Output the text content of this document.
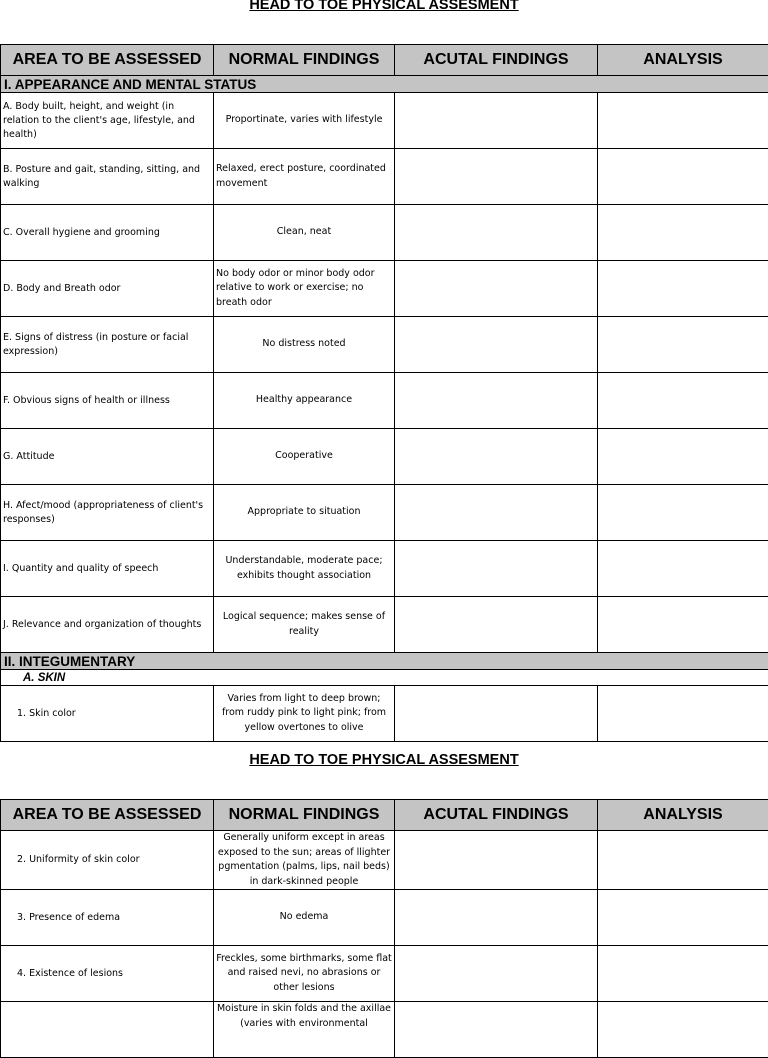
HEAD TO TOE PHYSICAL ASSESMENT
AREA TO BE ASSESSED	NORMAL FINDINGS	ACUTAL FINDINGS	ANALYSIS
I. APPEARANCE AND MENTAL STATUS			
A. Body built, height, and weight (in relation to the client's age, lifestyle, and health)	Proportinate, varies with lifestyle		
B. Posture and gait, standing, sitting, and walking	Relaxed, erect posture, coordinated movement		
C. Overall hygiene and grooming	Clean, neat		
D. Body and Breath odor	No body odor or minor body odor relative to work or exercise; no breath odor		
E. Signs of distress (in posture or facial expression)	No distress noted		
F. Obvious signs of health or illness	Healthy appearance		
G. Attitude	Cooperative		
H. Afect/mood (appropriateness of client's responses)	Appropriate to situation		
I. Quantity and quality of speech	Understandable, moderate pace; exhibits thought association		
J. Relevance and organization of thoughts	Logical sequence; makes sense of reality		
II. INTEGUMENTARY			
A. SKIN			
1. Skin color	Varies from light to deep brown; from ruddy pink to light pink; from yellow overtones to olive		
HEAD TO TOE PHYSICAL ASSESMENT
AREA TO BE ASSESSED	NORMAL FINDINGS	ACUTAL FINDINGS	ANALYSIS
2. Uniformity of skin color	Generally uniform except in areas exposed to the sun; areas of llighter pgmentation (palms, lips, nail beds) in dark-skinned people		
3. Presence of edema	No edema		
4. Existence of lesions	Freckles, some birthmarks, some flat and raised nevi, no abrasions or other lesions		
	Moisture in skin folds and the axillae (varies with environmental		
